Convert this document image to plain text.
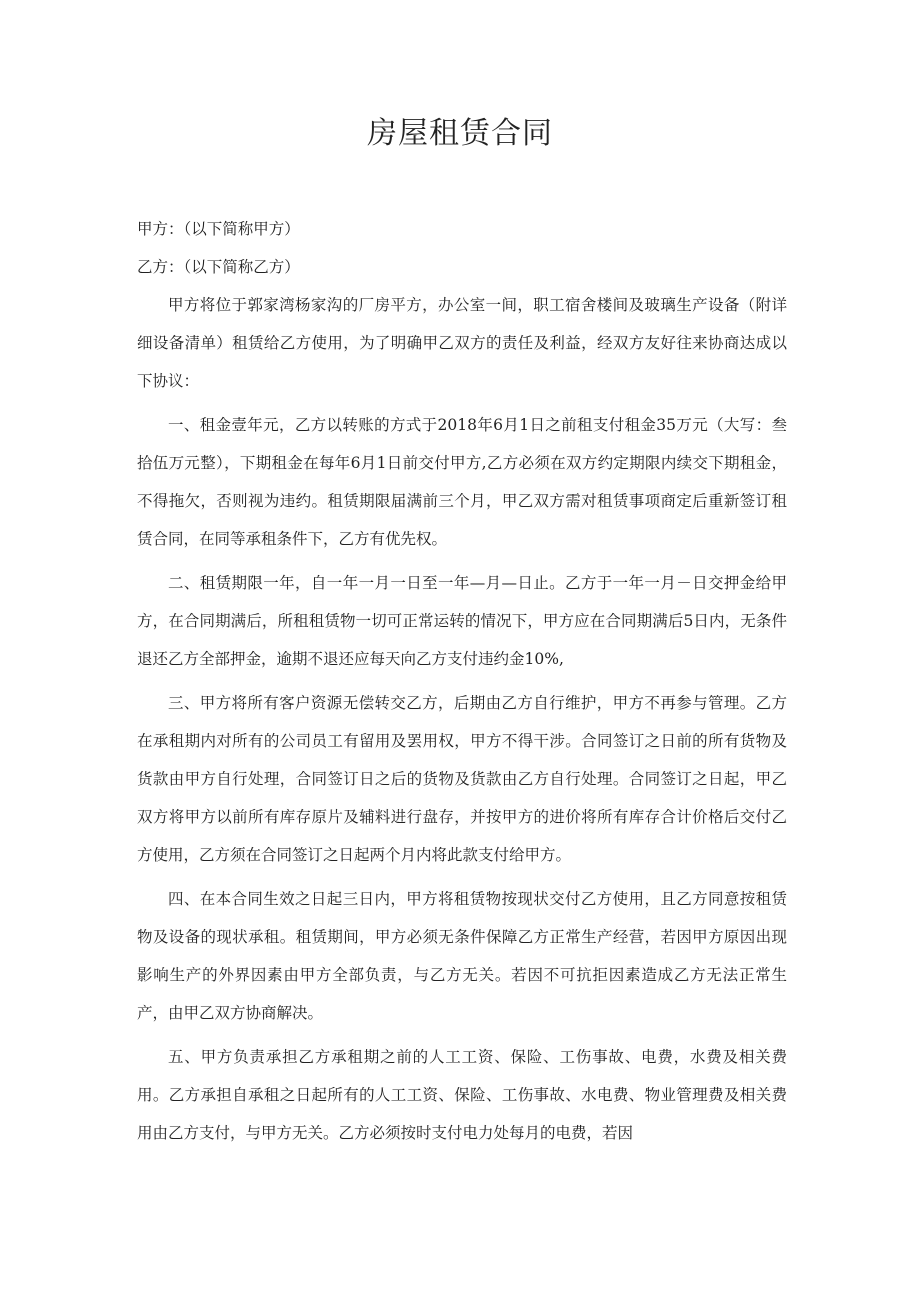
房屋租赁合同

甲方：（以下简称甲方）

乙方：（以下简称乙方）

甲方将位于郭家湾杨家沟的厂房平方，办公室一间，职工宿舍楼间及玻璃生产设备（附详细设备清单）租赁给乙方使用，为了明确甲乙双方的责任及利益，经双方友好往来协商达成以下协议：

一、租金壹年元，乙方以转账的方式于2018年6月1日之前租支付租金35万元（大写：叁拾伍万元整），下期租金在每年6月1日前交付甲方,乙方必须在双方约定期限内续交下期租金，不得拖欠，否则视为违约。租赁期限届满前三个月，甲乙双方需对租赁事项商定后重新签订租赁合同，在同等承租条件下，乙方有优先权。

二、租赁期限一年，自一年一月一日至一年—月—日止。乙方于一年一月－日交押金给甲方，在合同期满后，所租租赁物一切可正常运转的情况下，甲方应在合同期满后5日内，无条件退还乙方全部押金，逾期不退还应每天向乙方支付违约金10%,

三、甲方将所有客户资源无偿转交乙方，后期由乙方自行维护，甲方不再参与管理。乙方在承租期内对所有的公司员工有留用及罢用权，甲方不得干涉。合同签订之日前的所有货物及货款由甲方自行处理，合同签订日之后的货物及货款由乙方自行处理。合同签订之日起，甲乙双方将甲方以前所有库存原片及辅料进行盘存，并按甲方的进价将所有库存合计价格后交付乙方使用，乙方须在合同签订之日起两个月内将此款支付给甲方。

四、在本合同生效之日起三日内，甲方将租赁物按现状交付乙方使用，且乙方同意按租赁物及设备的现状承租。租赁期间，甲方必须无条件保障乙方正常生产经营，若因甲方原因出现影响生产的外界因素由甲方全部负责，与乙方无关。若因不可抗拒因素造成乙方无法正常生产，由甲乙双方协商解决。

五、甲方负责承担乙方承租期之前的人工工资、保险、工伤事故、电费，水费及相关费用。乙方承担自承租之日起所有的人工工资、保险、工伤事故、水电费、物业管理费及相关费用由乙方支付，与甲方无关。乙方必须按时支付电力处每月的电费，若因
